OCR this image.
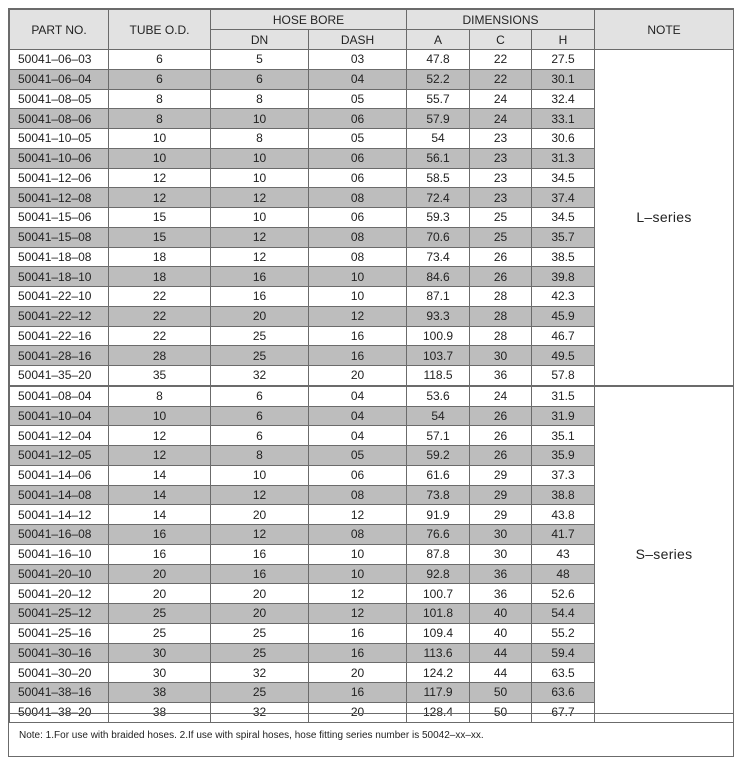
PART NO.	TUBE O.D.	HOSE BORE		DIMENSIONS			NOTE
		DN	DASH	A	C	H	
50041–06–03	6	5	03	47.8	22	27.5	L–series
50041–06–04	6	6	04	52.2	22	30.1	
50041–08–05	8	8	05	55.7	24	32.4	
50041–08–06	8	10	06	57.9	24	33.1	
50041–10–05	10	8	05	54	23	30.6	
50041–10–06	10	10	06	56.1	23	31.3	
50041–12–06	12	10	06	58.5	23	34.5	
50041–12–08	12	12	08	72.4	23	37.4	
50041–15–06	15	10	06	59.3	25	34.5	
50041–15–08	15	12	08	70.6	25	35.7	
50041–18–08	18	12	08	73.4	26	38.5	
50041–18–10	18	16	10	84.6	26	39.8	
50041–22–10	22	16	10	87.1	28	42.3	
50041–22–12	22	20	12	93.3	28	45.9	
50041–22–16	22	25	16	100.9	28	46.7	
50041–28–16	28	25	16	103.7	30	49.5	
50041–35–20	35	32	20	118.5	36	57.8	
50041–08–04	8	6	04	53.6	24	31.5	S–series
50041–10–04	10	6	04	54	26	31.9	
50041–12–04	12	6	04	57.1	26	35.1	
50041–12–05	12	8	05	59.2	26	35.9	
50041–14–06	14	10	06	61.6	29	37.3	
50041–14–08	14	12	08	73.8	29	38.8	
50041–14–12	14	20	12	91.9	29	43.8	
50041–16–08	16	12	08	76.6	30	41.7	
50041–16–10	16	16	10	87.8	30	43	
50041–20–10	20	16	10	92.8	36	48	
50041–20–12	20	20	12	100.7	36	52.6	
50041–25–12	25	20	12	101.8	40	54.4	
50041–25–16	25	25	16	109.4	40	55.2	
50041–30–16	30	25	16	113.6	44	59.4	
50041–30–20	30	32	20	124.2	44	63.5	
50041–38–16	38	25	16	117.9	50	63.6	
50041–38–20	38	32	20	128.4	50	67.7	
Note: 1.For use with braided hoses. 2.If use with spiral hoses, hose fitting series number is 50042–xx–xx.
